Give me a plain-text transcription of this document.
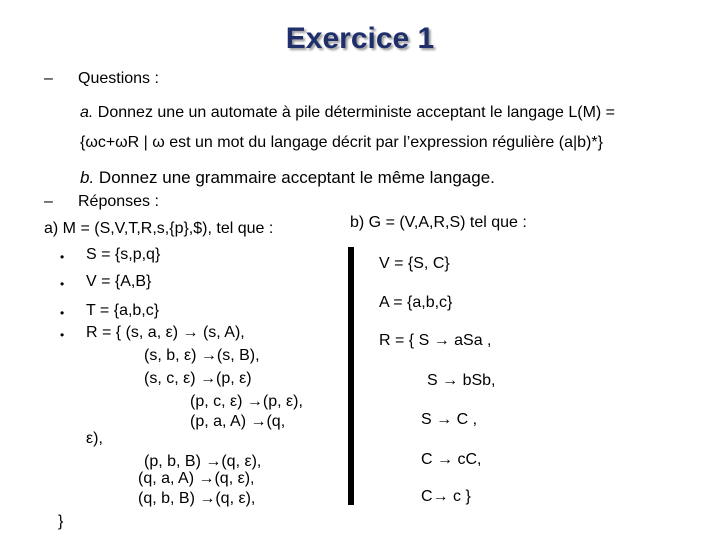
Exercice 1
– Questions :
a. Donnez une un automate à pile déterministe acceptant le langage L(M) =
{ωc+ωR | ω est un mot du langage décrit par l’expression régulière (a|b)*}
b. Donnez une grammaire acceptant le même langage.
– Réponses :
a) M = (S,V,T,R,s,{p},$), tel que :
• S = {s,p,q}
• V = {A,B}
• T = {a,b,c}
• R = { (s, a, ε) → (s, A),
(s, b, ε) →(s, B),
(s, c, ε) →(p, ε)
(p, c, ε) →(p, ε),
(p, a, A) →(q,
ε),
(p, b, B) →(q, ε),
(q, a, A) →(q, ε),
(q, b, B) →(q, ε),
}
b) G = (V,A,R,S) tel que :
V = {S, C}
A = {a,b,c}
R = { S → aSa ,
S → bSb,
S → C ,
C → cC,
C→ c }
